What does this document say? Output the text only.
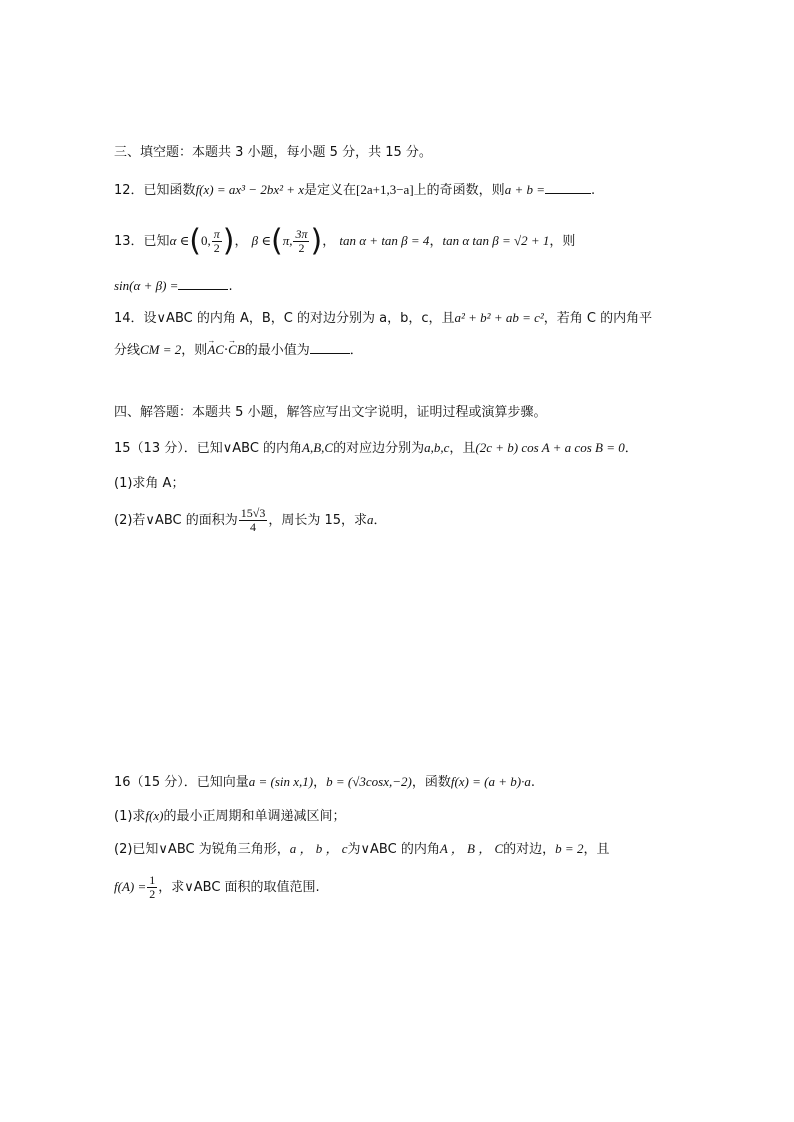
三、填空题：本题共 3 小题，每小题 5 分，共 15 分。
12．已知函数f(x) = ax³ − 2bx² + x是定义在[2a+1,3−a]上的奇函数，则a + b =	.
13．已知α ∈(0, $\frac{\pi}{2}$ )， β ∈(π, $\frac{3\pi}{2}$ )， tan α + tan β = 4，tan α tan β = √2 + 1，则
sin(α + β) =	.
14．设∨ABC 的内角 A，B，C 的对边分别为 a，b，c，且a² + b² + ab = c²，若角 C 的内角平
分线CM = 2，则→ AC·→ CB的最小值为	．
四、解答题：本题共 5 小题，解答应写出文字说明，证明过程或演算步骤。
15（13 分）．已知∨ABC 的内角A,B,C的对应边分别为a,b,c，且(2c + b) cos A + a cos B = 0．
(1)求角 A；
(2)若∨ABC 的面积为 $\frac{15√3}{4}$ ，周长为 15，求a．
16（15 分）．已知向量a = (sin x,1)，b = (√3cosx,−2)，函数f(x) = (a + b)·a.
(1)求f(x)的最小正周期和单调递减区间；
(2)已知∨ABC 为锐角三角形，a ， b ， c为∨ABC 的内角A ， B ， C的对边，b = 2，且
$f(A) = \frac{1}{2}$ ，求∨ABC 面积的取值范围.
